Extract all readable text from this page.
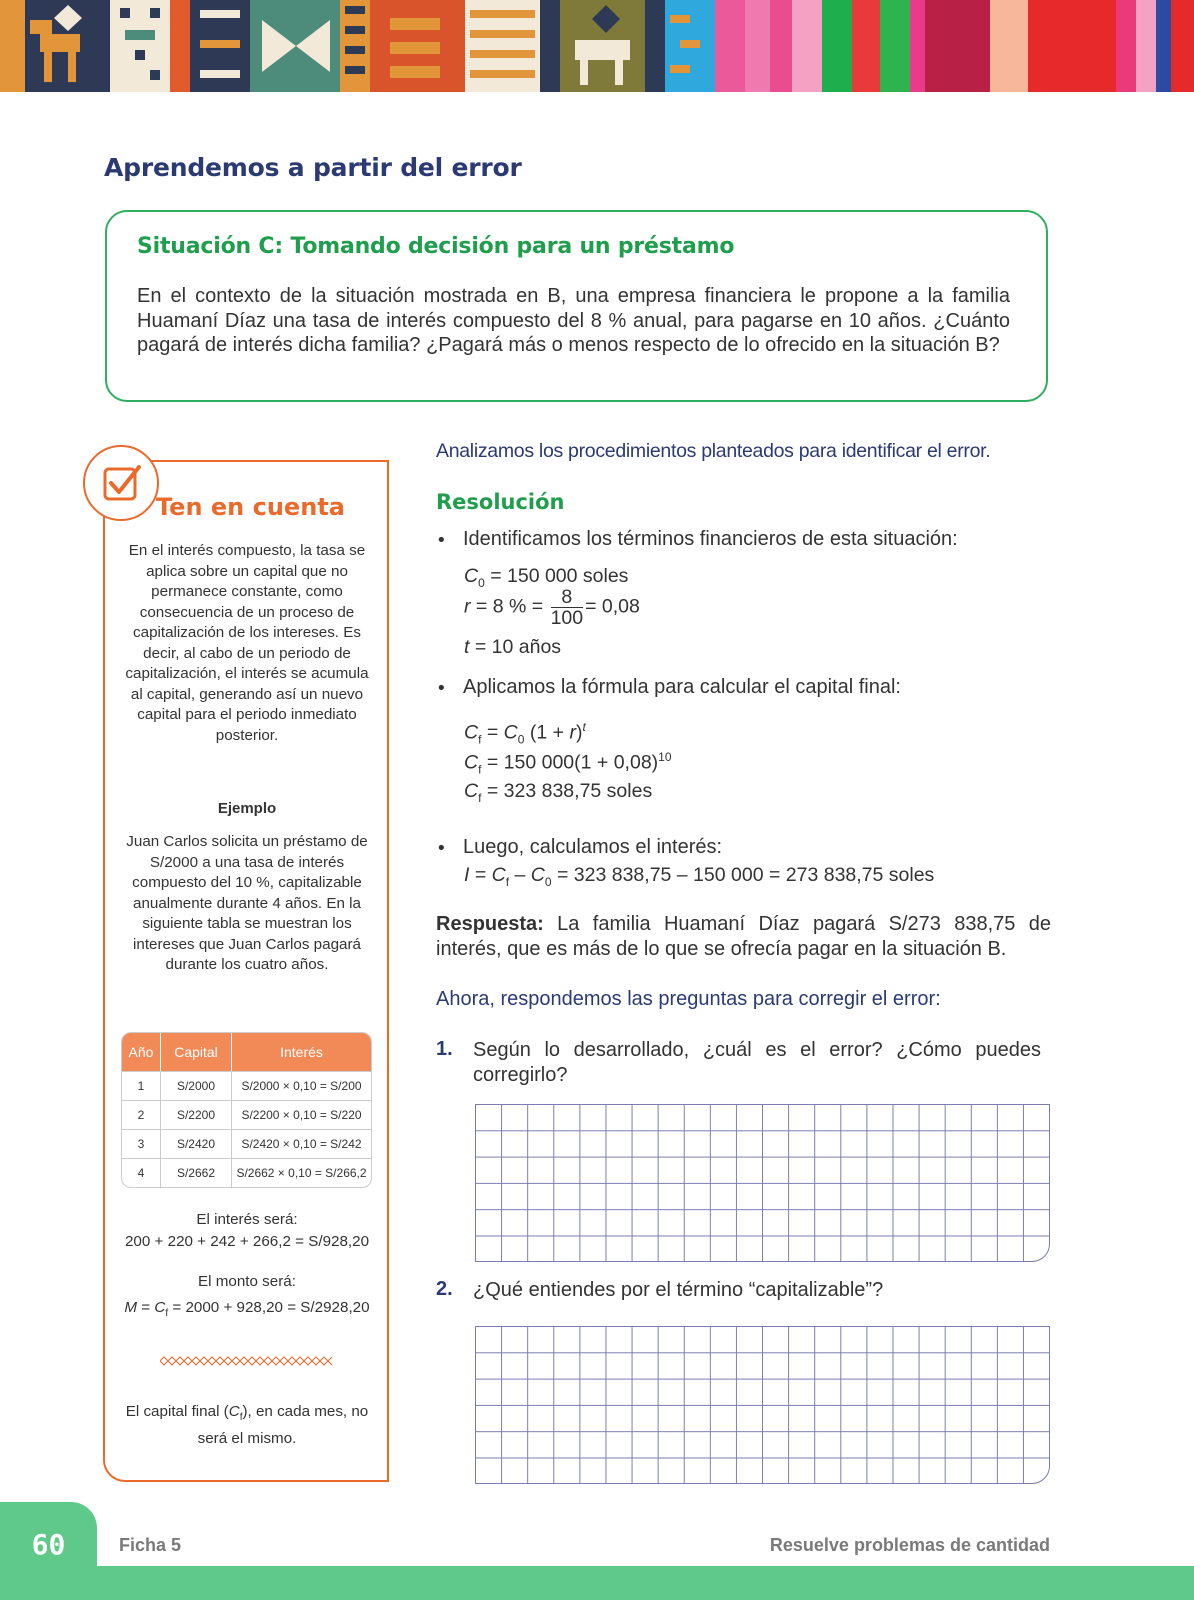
Aprendemos a partir del error
Situación C: Tomando decisión para un préstamo

En el contexto de la situación mostrada en B, una empresa financiera le propone a la familia Huamaní Díaz una tasa de interés compuesto del 8 % anual, para pagarse en 10 años. ¿Cuánto pagará de interés dicha familia? ¿Pagará más o menos respecto de lo ofrecido en la situación B?

Ten en cuenta

En el interés compuesto, la tasa se aplica sobre un capital que no permanece constante, como consecuencia de un proceso de capitalización de los intereses. Es decir, al cabo de un periodo de capitalización, el interés se acumula al capital, generando así un nuevo capital para el periodo inmediato posterior.

Ejemplo

Juan Carlos solicita un préstamo de S/2000 a una tasa de interés compuesto del 10 %, capitalizable anualmente durante 4 años. En la siguiente tabla se muestran los intereses que Juan Carlos pagará durante los cuatro años.

Año	Capital	Interés
1	S/2000	S/2000 × 0,10 = S/200
2	S/2200	S/2200 × 0,10 = S/220
3	S/2420	S/2420 × 0,10 = S/242
4	S/2662	S/2662 × 0,10 = S/266,2
El interés será:
200 + 220 + 242 + 266,2 = S/928,20
El monto será:
$M = C_f = 2000 + 928,20 = S/2928,20$

El capital final $(C_f)$, en cada mes, no será el mismo.

Analizamos los procedimientos planteados para identificar el error.
Resolución
• Identificamos los términos financieros de esta situación:
$C_0 = 150$ 000 soles
r = 8 % = $\frac{8}{100} = 0,08$
t = 10 años
• Aplicamos la fórmula para calcular el capital final:
$C_f = C_0$ $(1 + r)^t$
$C_f = 150$ $000(1 + 0,08)^{10}$
$C_f = 323$ 838,75 soles
• Luego, calculamos el interés:
$I = C_f - C_0 = 323$ 838,75 – 150 000 = 273 838,75 soles

Respuesta: La familia Huamaní Díaz pagará S/273 838,75 de interés, que es más de lo que se ofrecía pagar en la situación B.

Ahora, respondemos las preguntas para corregir el error:
1. Según lo desarrollado, ¿cuál es el error? ¿Cómo puedes corregirlo?

2. ¿Qué entiendes por el término “capitalizable”?

60	Ficha 5	Resuelve problemas de cantidad
